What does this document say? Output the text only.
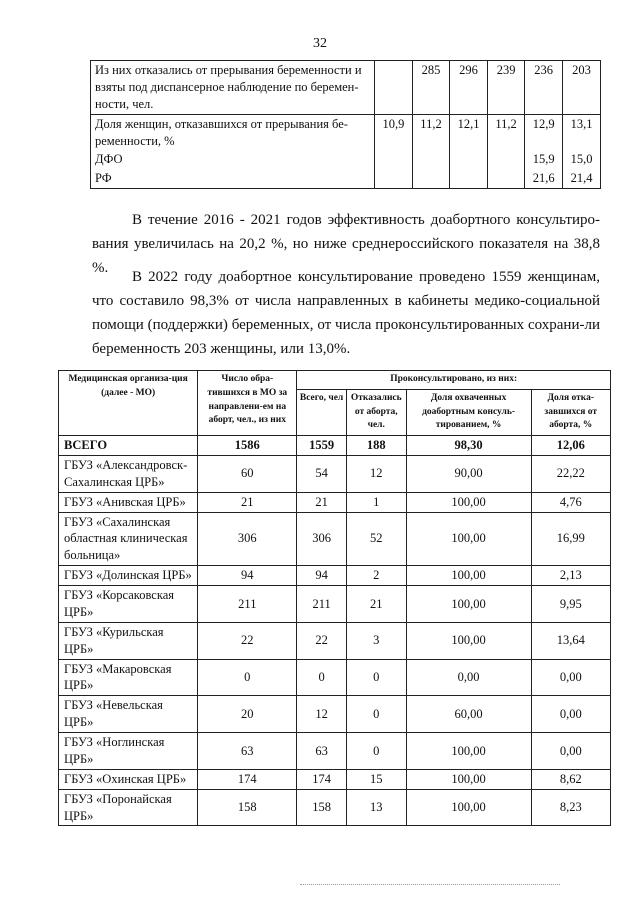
32
Из них отказались от прерывания беременности и взяты под диспансерное наблюдение по беремен-ности, чел.		285	296	239	236	203
Доля женщин, отказавшихся от прерывания бе-ременности, %	10,9	11,2	12,1	11,2	12,9	13,1
ДФО					15,9	15,0
РФ					21,6	21,4

В течение 2016 - 2021 годов эффективность доабортного консультиро-вания увеличилась на 20,2 %, но ниже среднероссийского показателя на 38,8 %.

В 2022 году доабортное консультирование проведено 1559 женщинам, что составило 98,3% от числа направленных в кабинеты медико-социальной помощи (поддержки) беременных, от числа проконсультированных сохрани-ли беременность 203 женщины, или 13,0%.

Медицинская организа-ция (далее - МО)	Число обра-тившихся в МО за направлени-ем на аборт, чел., из них	Проконсультировано, из них:			
		Всего, чел	Отказались от аборта, чел.	Доля охваченных доабортным консуль-тированием, %	Доля отка-завшихся от аборта, %
ВСЕГО	1586	1559	188	98,30	12,06
ГБУЗ «Александровск-Сахалинская ЦРБ»	60	54	12	90,00	22,22
ГБУЗ «Анивская ЦРБ»	21	21	1	100,00	4,76
ГБУЗ «Сахалинская областная клиническая больница»	306	306	52	100,00	16,99
ГБУЗ «Долинская ЦРБ»	94	94	2	100,00	2,13
ГБУЗ «Корсаковская ЦРБ»	211	211	21	100,00	9,95
ГБУЗ «Курильская ЦРБ»	22	22	3	100,00	13,64
ГБУЗ «Макаровская ЦРБ»	0	0	0	0,00	0,00
ГБУЗ «Невельская ЦРБ»	20	12	0	60,00	0,00
ГБУЗ «Ноглинская ЦРБ»	63	63	0	100,00	0,00
ГБУЗ «Охинская ЦРБ»	174	174	15	100,00	8,62
ГБУЗ «Поронайская ЦРБ»	158	158	13	100,00	8,23
